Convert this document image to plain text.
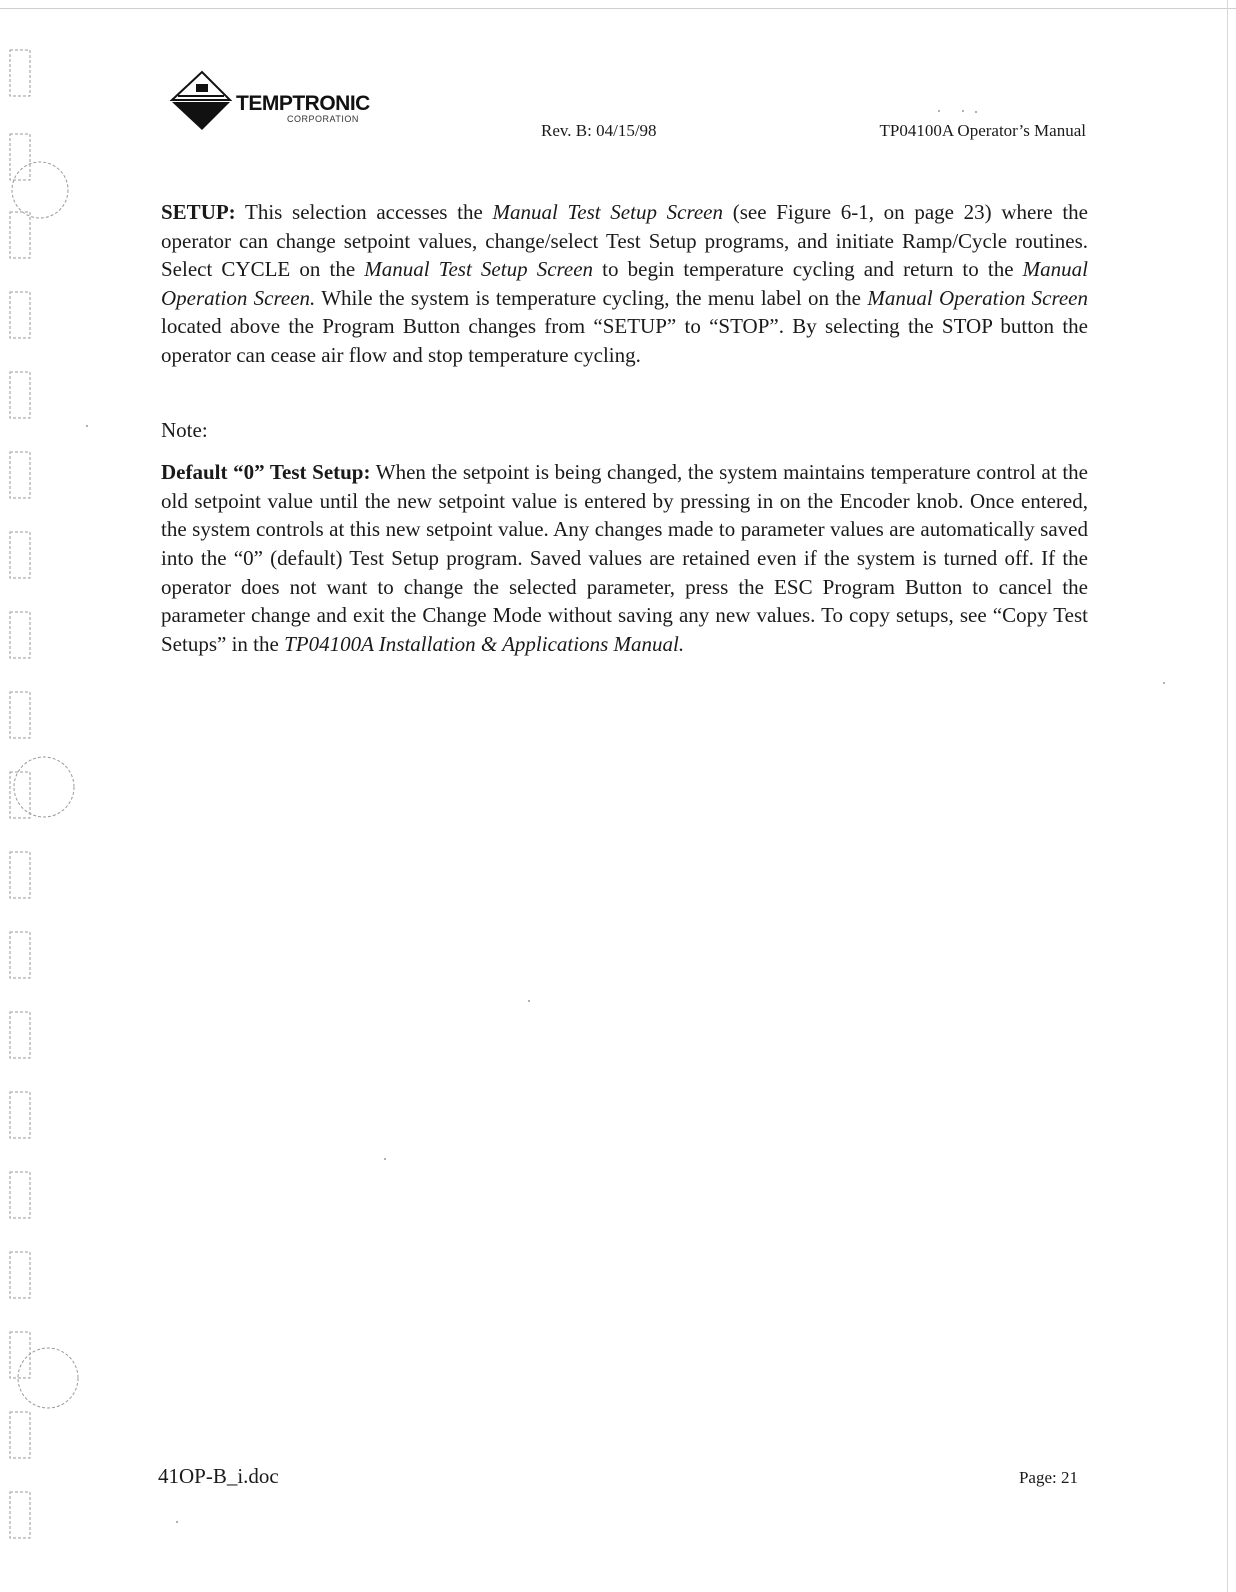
TEMPTRONIC
CORPORATION
Rev. B: 04/15/98	TP04100A Operator’s Manual

SETUP: This selection accesses the Manual Test Setup Screen (see Figure 6-1, on page 23) where the operator can change setpoint values, change/select Test Setup programs, and initiate Ramp/Cycle routines. Select CYCLE on the Manual Test Setup Screen to begin temperature cycling and return to the Manual Operation Screen. While the system is temperature cycling, the menu label on the Manual Operation Screen located above the Program Button changes from “SETUP” to “STOP”. By selecting the STOP button the operator can cease air flow and stop temperature cycling.

Note:

Default “0” Test Setup: When the setpoint is being changed, the system maintains temperature control at the old setpoint value until the new setpoint value is entered by pressing in on the Encoder knob. Once entered, the system controls at this new setpoint value. Any changes made to parameter values are automatically saved into the “0” (default) Test Setup program. Saved values are retained even if the system is turned off. If the operator does not want to change the selected parameter, press the ESC Program Button to cancel the parameter change and exit the Change Mode without saving any new values. To copy setups, see “Copy Test Setups” in the TP04100A Installation & Applications Manual.

41OP-B_i.doc	Page: 21
